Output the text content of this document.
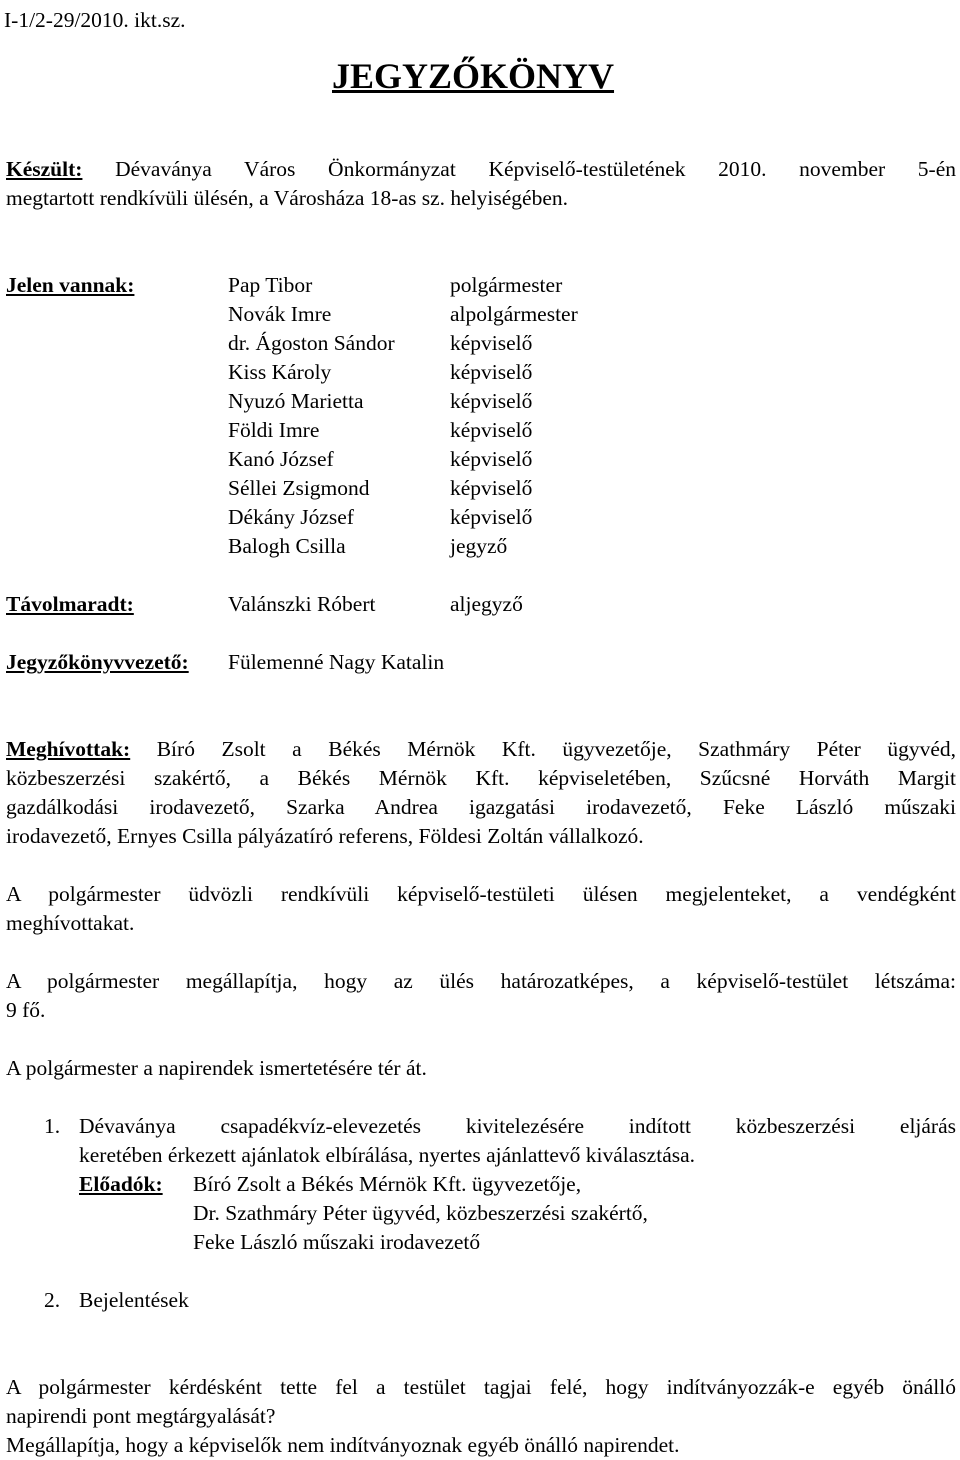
I-1/2-29/2010. ikt.sz.
JEGYZŐKÖNYV
Készült: Dévaványa Város Önkormányzat Képviselő-testületének 2010. november 5-én
megtartott rendkívüli ülésén, a Városháza 18-as sz. helyiségében.
Jelen vannak:	Pap Tibor	polgármester
Novák Imre	alpolgármester
dr. Ágoston Sándor	képviselő
Kiss Károly	képviselő
Nyuzó Marietta	képviselő
Földi Imre	képviselő
Kanó József	képviselő
Séllei Zsigmond	képviselő
Dékány József	képviselő
Balogh Csilla	jegyző
Távolmaradt:	Valánszki Róbert	aljegyző
Jegyzőkönyvvezető: Fülemenné Nagy Katalin
Meghívottak: Bíró Zsolt a Békés Mérnök Kft. ügyvezetője, Szathmáry Péter ügyvéd,
közbeszerzési szakértő, a Békés Mérnök Kft. képviseletében, Szűcsné Horváth Margit
gazdálkodási irodavezető, Szarka Andrea igazgatási irodavezető, Feke László műszaki
irodavezető, Ernyes Csilla pályázatíró referens, Földesi Zoltán vállalkozó.
A polgármester üdvözli rendkívüli képviselő-testületi ülésen megjelenteket, a vendégként
meghívottakat.
A polgármester megállapítja, hogy az ülés határozatképes, a képviselő-testület létszáma:
9 fő.
A polgármester a napirendek ismertetésére tér át.
1. Dévaványa csapadékvíz-elevezetés kivitelezésére indított közbeszerzési eljárás
keretében érkezett ajánlatok elbírálása, nyertes ajánlattevő kiválasztása.
Előadók: Bíró Zsolt a Békés Mérnök Kft. ügyvezetője,
Dr. Szathmáry Péter ügyvéd, közbeszerzési szakértő,
Feke László műszaki irodavezető
2. Bejelentések
A polgármester kérdésként tette fel a testület tagjai felé, hogy indítványozzák-e egyéb önálló
napirendi pont megtárgyalását?
Megállapítja, hogy a képviselők nem indítványoznak egyéb önálló napirendet.
